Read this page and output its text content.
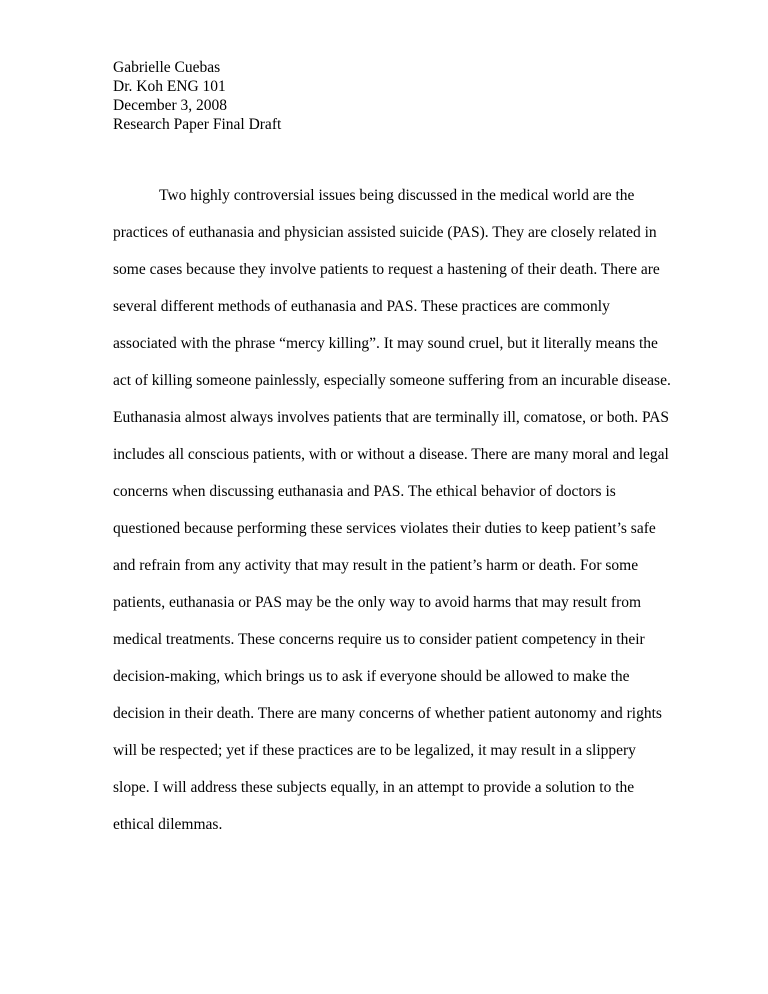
Gabrielle Cuebas
Dr. Koh ENG 101
December 3, 2008
Research Paper Final Draft
Two highly controversial issues being discussed in the medical world are the
practices of euthanasia and physician assisted suicide (PAS). They are closely related in
some cases because they involve patients to request a hastening of their death. There are
several different methods of euthanasia and PAS. These practices are commonly
associated with the phrase “mercy killing”. It may sound cruel, but it literally means the
act of killing someone painlessly, especially someone suffering from an incurable disease.
Euthanasia almost always involves patients that are terminally ill, comatose, or both. PAS
includes all conscious patients, with or without a disease. There are many moral and legal
concerns when discussing euthanasia and PAS. The ethical behavior of doctors is
questioned because performing these services violates their duties to keep patient’s safe
and refrain from any activity that may result in the patient’s harm or death. For some
patients, euthanasia or PAS may be the only way to avoid harms that may result from
medical treatments. These concerns require us to consider patient competency in their
decision-making, which brings us to ask if everyone should be allowed to make the
decision in their death. There are many concerns of whether patient autonomy and rights
will be respected; yet if these practices are to be legalized, it may result in a slippery
slope. I will address these subjects equally, in an attempt to provide a solution to the
ethical dilemmas.
